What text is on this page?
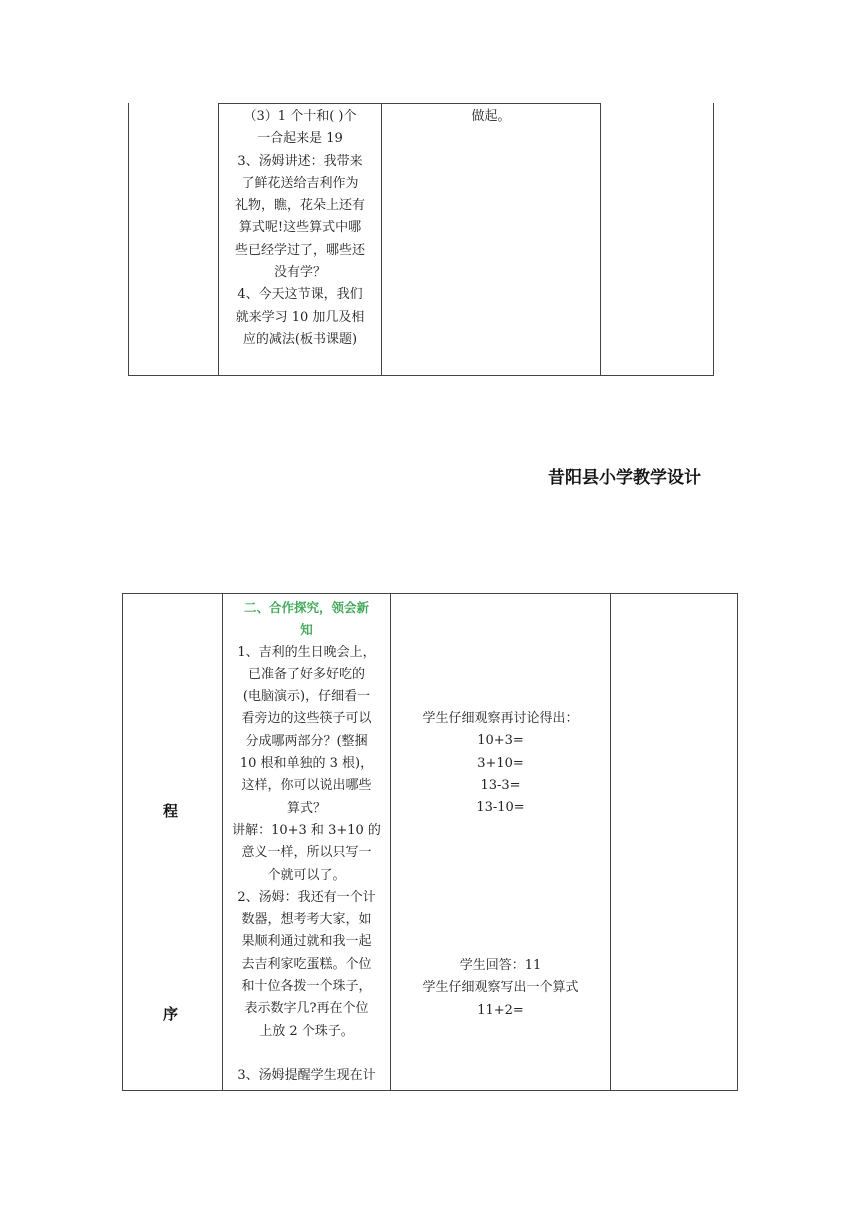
（3）1 个十和( )个
一合起来是 19
3、汤姆讲述：我带来
了鲜花送给吉利作为
礼物，瞧，花朵上还有
算式呢!这些算式中哪
些已经学过了，哪些还
没有学？
4、今天这节课，我们
就来学习 10 加几及相
应的减法(板书课题)
做起。
昔阳县小学教学设计
程
序
二、合作探究，领会新
知
1、吉利的生日晚会上，
已准备了好多好吃的
(电脑演示)，仔细看一
看旁边的这些筷子可以
分成哪两部分？(整捆
10 根和单独的 3 根)，
这样，你可以说出哪些
算式？
讲解：10+3 和 3+10 的
意义一样，所以只写一
个就可以了。
2、汤姆：我还有一个计
数器，想考考大家，如
果顺利通过就和我一起
去吉利家吃蛋糕。个位
和十位各拨一个珠子，
表示数字几?再在个位
上放 2 个珠子。
3、汤姆提醒学生现在计
学生仔细观察再讨论得出：
10+3=
3+10=
13-3=
13-10=
学生回答：11
学生仔细观察写出一个算式
11+2=
